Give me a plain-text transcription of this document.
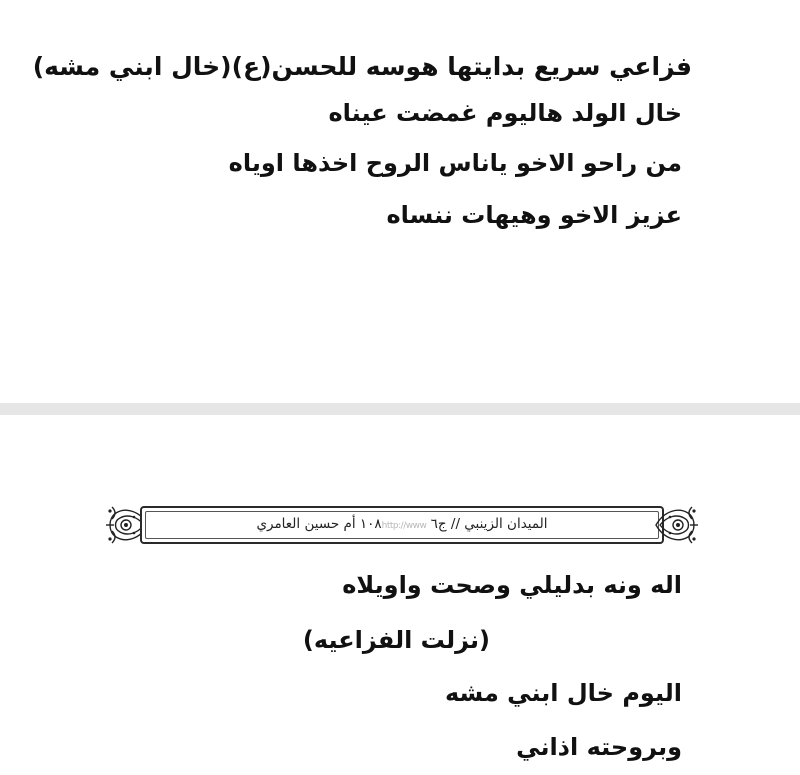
فزاعي سريع بدايتها هوسه للحسن(ع)(خال ابني مشه)
خال الولد هاليوم غمضت عيناه
من راحو الاخو ياناس الروح اخذها اوياه
عزيز الاخو وهيهات ننساه
الميدان الزينبي // ج٦ ١٠٨http://www أم حسين العامري
اله ونه بدليلي وصحت واويلاه
(نزلت الفزاعيه)
اليوم خال ابني مشه
وبروحته اذاني
